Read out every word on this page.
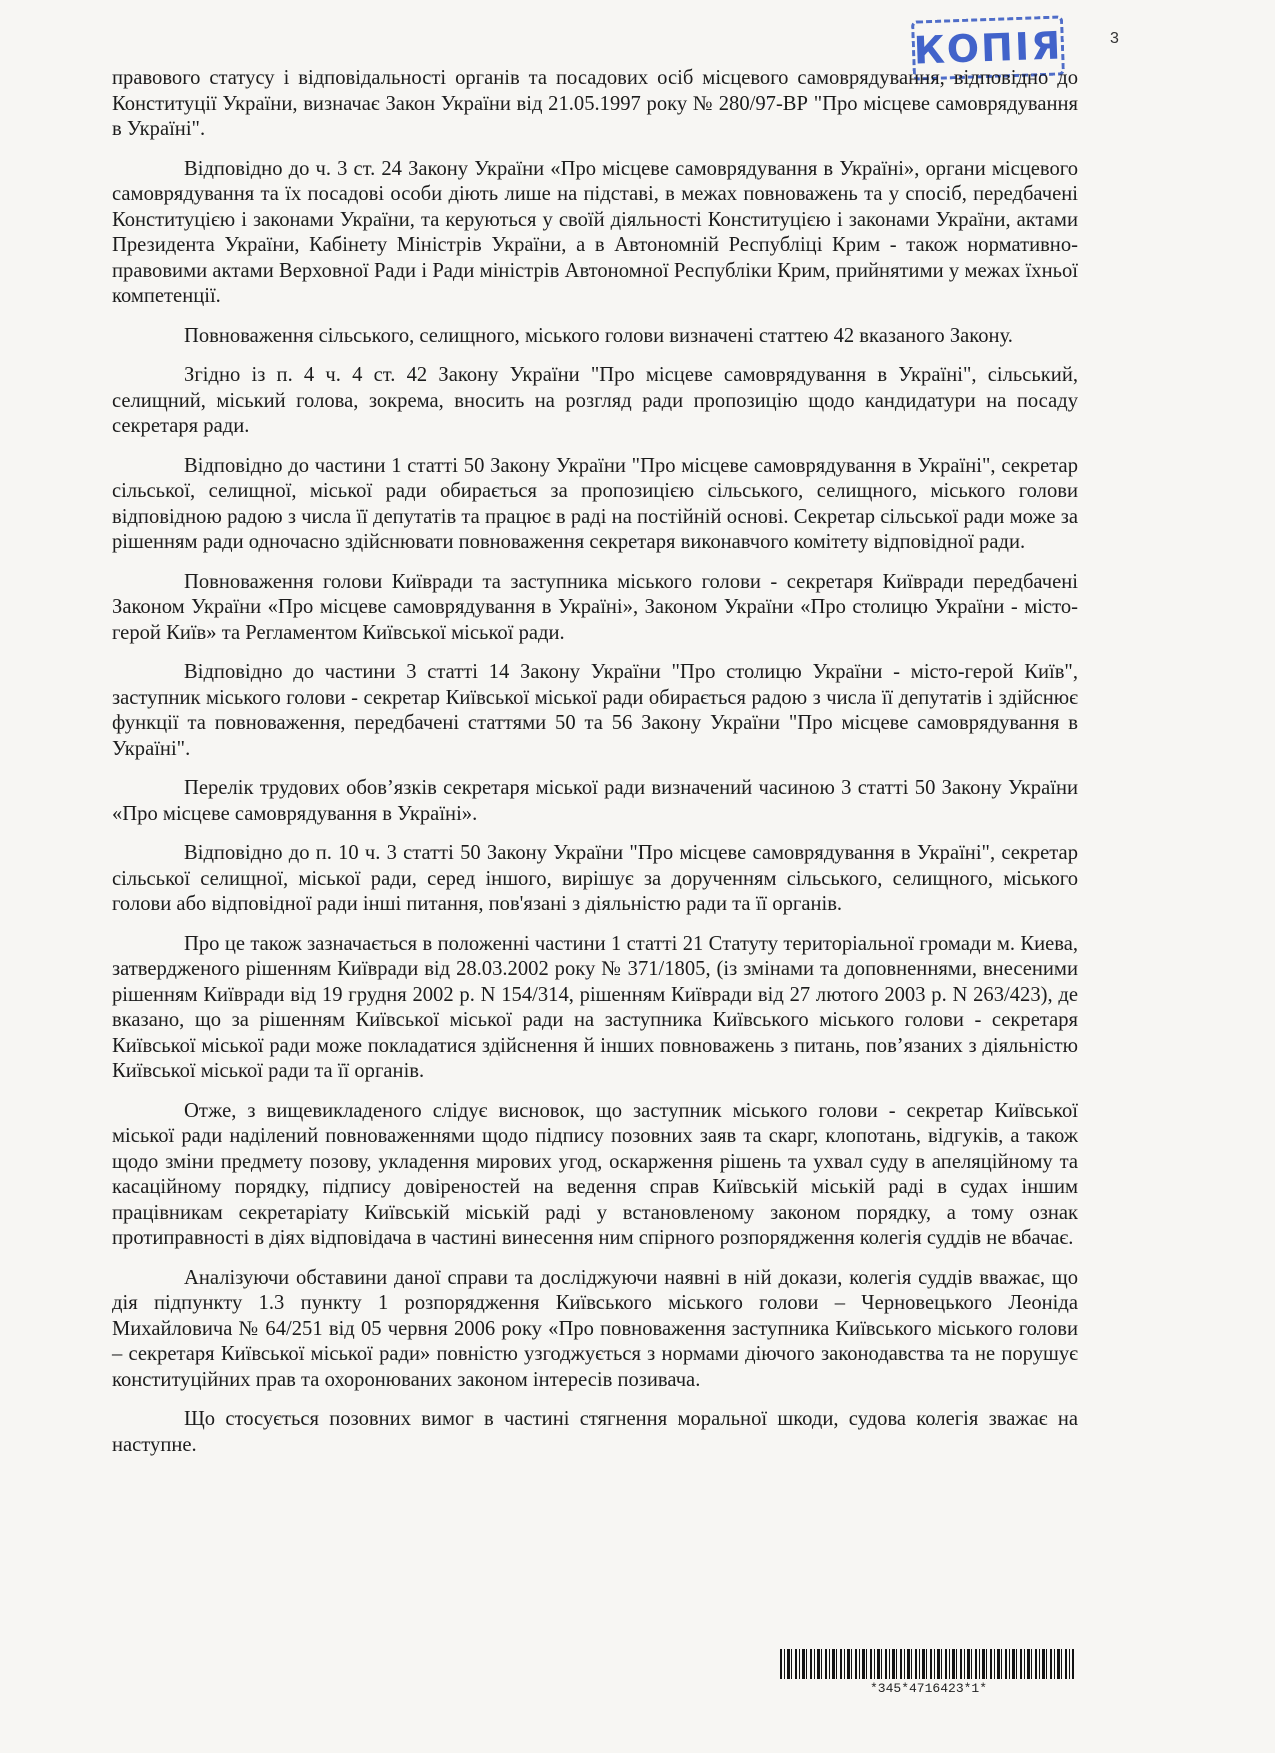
КОПІЯ	3

правового статусу і відповідальності органів та посадових осіб місцевого самоврядування, відповідно до Конституції України, визначає Закон України від 21.05.1997 року № 280/97-ВР "Про місцеве самоврядування в Україні".

Відповідно до ч. 3 ст. 24 Закону України «Про місцеве самоврядування в Україні», органи місцевого самоврядування та їх посадові особи діють лише на підставі, в межах повноважень та у спосіб, передбачені Конституцією і законами України, та керуються у своїй діяльності Конституцією і законами України, актами Президента України, Кабінету Міністрів України, а в Автономній Республіці Крим - також нормативно-правовими актами Верховної Ради і Ради міністрів Автономної Республіки Крим, прийнятими у межах їхньої компетенції.

Повноваження сільського, селищного, міського голови визначені статтею 42 вказаного Закону.

Згідно із п. 4 ч. 4 ст. 42 Закону України "Про місцеве самоврядування в Україні", сільський, селищний, міський голова, зокрема, вносить на розгляд ради пропозицію щодо кандидатури на посаду секретаря ради.

Відповідно до частини 1 статті 50 Закону України "Про місцеве самоврядування в Україні", секретар сільської, селищної, міської ради обирається за пропозицією сільського, селищного, міського голови відповідною радою з числа її депутатів та працює в раді на постійній основі. Секретар сільської ради може за рішенням ради одночасно здійснювати повноваження секретаря виконавчого комітету відповідної ради.

Повноваження голови Київради та заступника міського голови - секретаря Київради передбачені Законом України «Про місцеве самоврядування в Україні», Законом України «Про столицю України - місто-герой Київ» та Регламентом Київської міської ради.

Відповідно до частини 3 статті 14 Закону України "Про столицю України - місто-герой Київ", заступник міського голови - секретар Київської міської ради обирається радою з числа її депутатів і здійснює функції та повноваження, передбачені статтями 50 та 56 Закону України "Про місцеве самоврядування в Україні".

Перелік трудових обов’язків секретаря міської ради визначений часиною 3 статті 50 Закону України «Про місцеве самоврядування в Україні».

Відповідно до п. 10 ч. 3 статті 50 Закону України "Про місцеве самоврядування в Україні", секретар сільської селищної, міської ради, серед іншого, вирішує за дорученням сільського, селищного, міського голови або відповідної ради інші питання, пов'язані з діяльністю ради та її органів.

Про це також зазначається в положенні частини 1 статті 21 Статуту територіальної громади м. Киева, затвердженого рішенням Київради від 28.03.2002 року № 371/1805, (із змінами та доповненнями, внесеними рішенням Київради від 19 грудня 2002 р. N 154/314, рішенням Київради від 27 лютого 2003 р. N 263/423), де вказано, що за рішенням Київської міської ради на заступника Київського міського голови - секретаря Київської міської ради може покладатися здійснення й інших повноважень з питань, пов’язаних з діяльністю Київської міської ради та її органів.

Отже, з вищевикладеного слідує висновок, що заступник міського голови - секретар Київської міської ради наділений повноваженнями щодо підпису позовних заяв та скарг, клопотань, відгуків, а також щодо зміни предмету позову, укладення мирових угод, оскарження рішень та ухвал суду в апеляційному та касаційному порядку, підпису довіреностей на ведення справ Київській міській раді в судах іншим працівникам секретаріату Київській міській раді у встановленому законом порядку, а тому ознак протиправності в діях відповідача в частині винесення ним спірного розпорядження колегія суддів не вбачає.

Аналізуючи обставини даної справи та досліджуючи наявні в ній докази, колегія суддів вважає, що дія підпункту 1.3 пункту 1 розпорядження Київського міського голови – Черновецького Леоніда Михайловича № 64/251 від 05 червня 2006 року «Про повноваження заступника Київського міського голови – секретаря Київської міської ради» повністю узгоджується з нормами діючого законодавства та не порушує конституційних прав та охоронюваних законом інтересів позивача.

Що стосується позовних вимог в частині стягнення моральної шкоди, судова колегія зважає на наступне.

*345*4716423*1*
